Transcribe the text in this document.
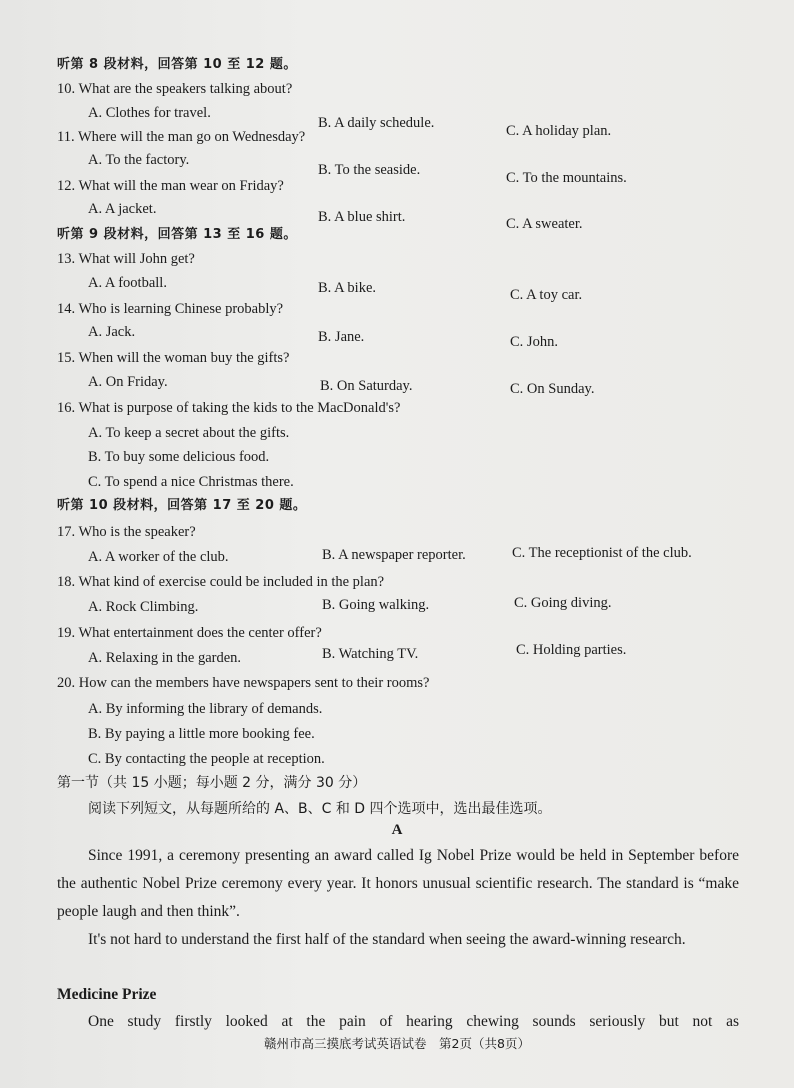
听第 8 段材料，回答第 10 至 12 题。
10. What are the speakers talking about?
A. Clothes for travel.
B. A daily schedule.	C. A holiday plan.
11. Where will the man go on Wednesday?
A. To the factory.
B. To the seaside.	C. To the mountains.
12. What will the man wear on Friday?
A. A jacket.	B. A blue shirt.	C. A sweater.
听第 9 段材料，回答第 13 至 16 题。
13. What will John get?
A. A football.	B. A bike.	C. A toy car.
14. Who is learning Chinese probably?
A. Jack.	B. Jane.	C. John.
15. When will the woman buy the gifts?
A. On Friday.	B. On Saturday.	C. On Sunday.
16. What is purpose of taking the kids to the MacDonald's?
A. To keep a secret about the gifts.
B. To buy some delicious food.
C. To spend a nice Christmas there.
听第 10 段材料，回答第 17 至 20 题。
17. Who is the speaker?
A. A worker of the club.	B. A newspaper reporter.	C. The receptionist of the club.
18. What kind of exercise could be included in the plan?
A. Rock Climbing.	B. Going walking.	C. Going diving.
19. What entertainment does the center offer?
A. Relaxing in the garden.	B. Watching TV.	C. Holding parties.
20. How can the members have newspapers sent to their rooms?
A. By informing the library of demands.
B. By paying a little more booking fee.
C. By contacting the people at reception.
第一节（共 15 小题；每小题 2 分，满分 30 分）
阅读下列短文，从每题所给的 A、B、C 和 D 四个选项中，选出最佳选项。
A
Since 1991, a ceremony presenting an award called Ig Nobel Prize would be held in September before the authentic Nobel Prize ceremony every year. It honors unusual scientific research. The standard is “make people laugh and then think”.
It's not hard to understand the first half of the standard when seeing the award-winning research.
Medicine Prize
One study firstly looked at the pain of hearing chewing sounds seriously but not as
赣州市高三摸底考试英语试卷　第2页（共8页）
